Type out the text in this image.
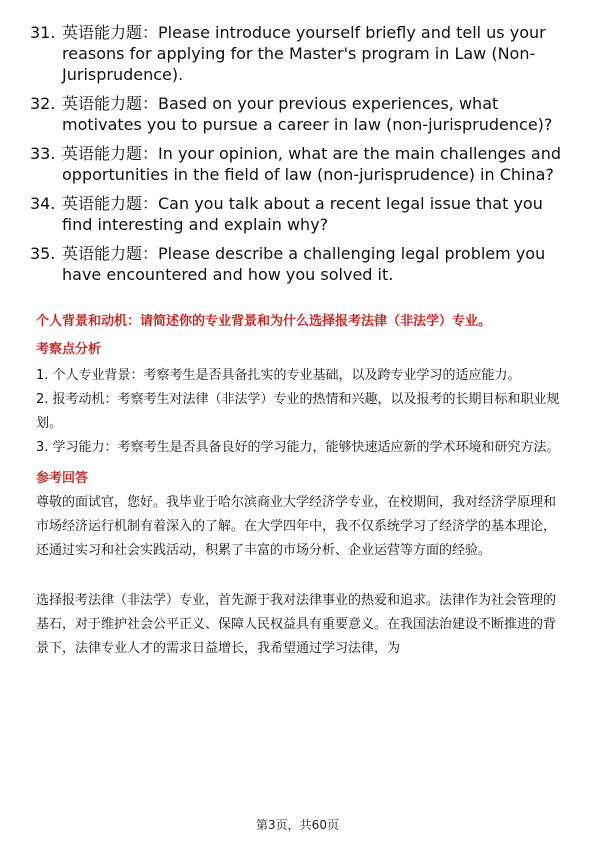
31. 英语能力题：Please introduce yourself briefly and tell us your reasons for applying for the Master's program in Law (Non-Jurisprudence).
32. 英语能力题：Based on your previous experiences, what motivates you to pursue a career in law (non-jurisprudence)?
33. 英语能力题：In your opinion, what are the main challenges and opportunities in the field of law (non-jurisprudence) in China?
34. 英语能力题：Can you talk about a recent legal issue that you find interesting and explain why?
35. 英语能力题：Please describe a challenging legal problem you have encountered and how you solved it.
个人背景和动机：请简述你的专业背景和为什么选择报考法律（非法学）专业。
考察点分析
1. 个人专业背景：考察考生是否具备扎实的专业基础，以及跨专业学习的适应能力。
2. 报考动机：考察考生对法律（非法学）专业的热情和兴趣，以及报考的长期目标和职业规划。
3. 学习能力：考察考生是否具备良好的学习能力，能够快速适应新的学术环境和研究方法。
参考回答
尊敬的面试官，您好。我毕业于哈尔滨商业大学经济学专业，在校期间，我对经济学原理和市场经济运行机制有着深入的了解。在大学四年中，我不仅系统学习了经济学的基本理论，还通过实习和社会实践活动，积累了丰富的市场分析、企业运营等方面的经验。
选择报考法律（非法学）专业，首先源于我对法律事业的热爱和追求。法律作为社会管理的基石，对于维护社会公平正义、保障人民权益具有重要意义。在我国法治建设不断推进的背景下，法律专业人才的需求日益增长，我希望通过学习法律，为
第3页，共60页
